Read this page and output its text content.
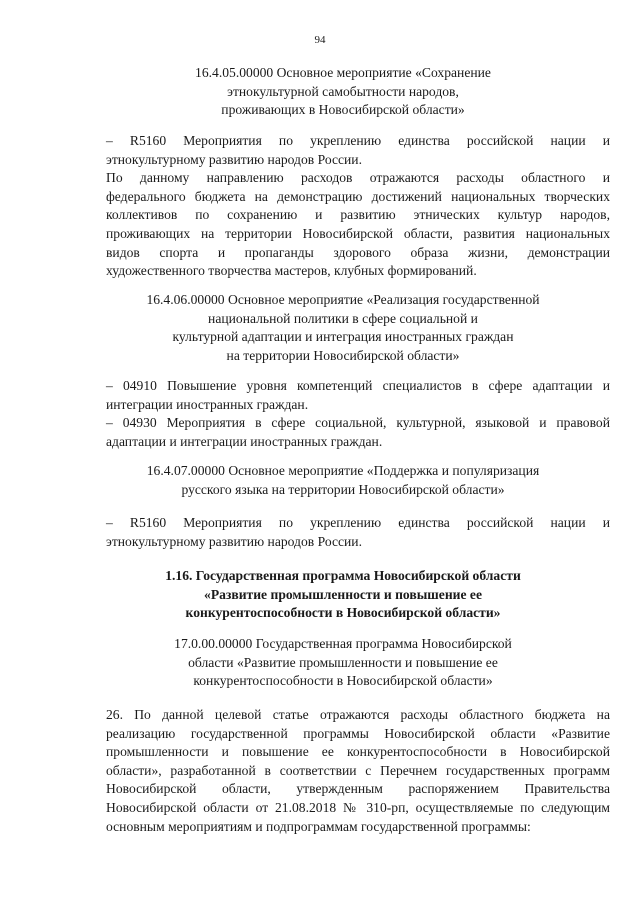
94
16.4.05.00000 Основное мероприятие «Сохранение
этнокультурной самобытности народов,
проживающих в Новосибирской области»

– R5160 Мероприятия по укреплению единства российской нации и
этнокультурному развитию народов России.

По данному направлению расходов отражаются расходы областного и
федерального бюджета на демонстрацию достижений национальных творческих
коллективов по сохранению и развитию этнических культур народов,
проживающих на территории Новосибирской области, развития национальных
видов спорта и пропаганды здорового образа жизни, демонстрации
художественного творчества мастеров, клубных формирований.

16.4.06.00000 Основное мероприятие «Реализация государственной
национальной политики в сфере социальной и
культурной адаптации и интеграция иностранных граждан
на территории Новосибирской области»

– 04910 Повышение уровня компетенций специалистов в сфере адаптации и
интеграции иностранных граждан.

– 04930 Мероприятия в сфере социальной, культурной, языковой и правовой
адаптации и интеграции иностранных граждан.

16.4.07.00000 Основное мероприятие «Поддержка и популяризация
русского языка на территории Новосибирской области»

– R5160 Мероприятия по укреплению единства российской нации и
этнокультурному развитию народов России.

1.16. Государственная программа Новосибирской области
«Развитие промышленности и повышение ее
конкурентоспособности в Новосибирской области»
17.0.00.00000 Государственная программа Новосибирской
области «Развитие промышленности и повышение ее
конкурентоспособности в Новосибирской области»

26. По данной целевой статье отражаются расходы областного бюджета на
реализацию государственной программы Новосибирской области «Развитие
промышленности и повышение ее конкурентоспособности в Новосибирской
области», разработанной в соответствии с Перечнем государственных программ
Новосибирской области, утвержденным распоряжением Правительства
Новосибирской области от 21.08.2018 № 310-рп, осуществляемые по следующим
основным мероприятиям и подпрограммам государственной программы:
